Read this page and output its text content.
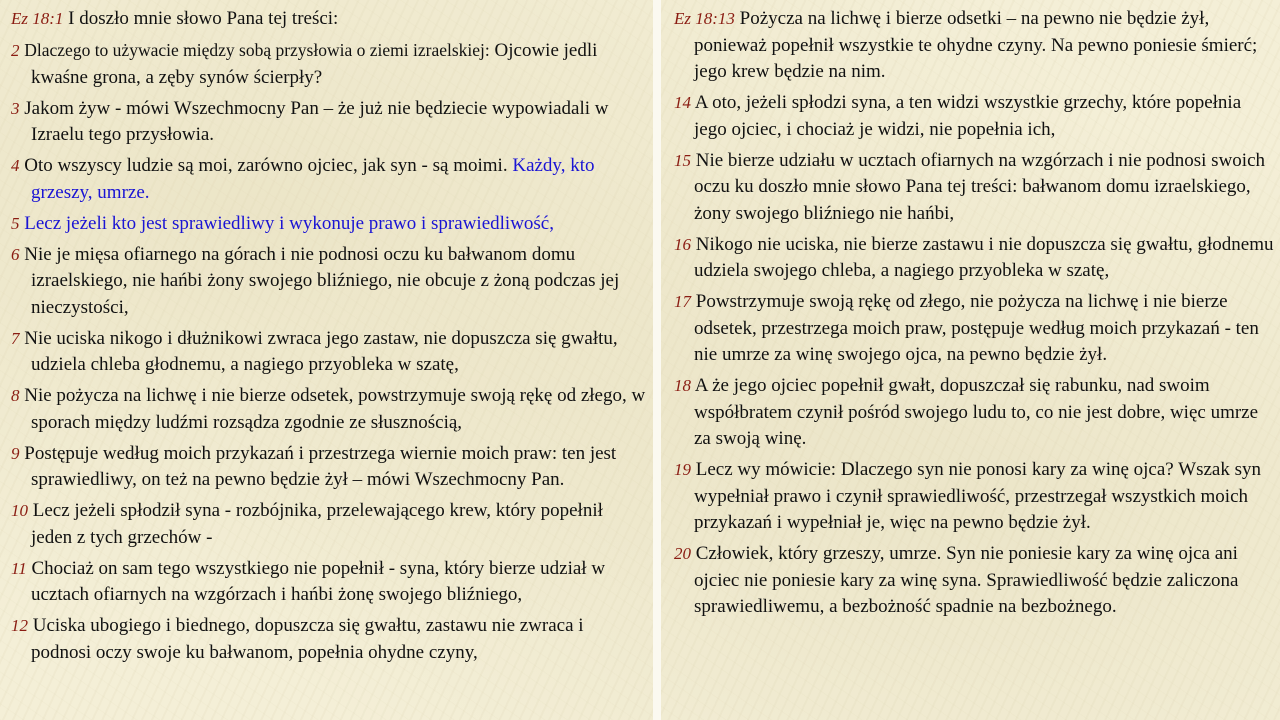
Ez 18:1 I doszło mnie słowo Pana tej treści:

2 Dlaczego to używacie między sobą przysłowia o ziemi izraelskiej: Ojcowie jedli kwaśne grona, a zęby synów ścierpły?

3 Jakom żyw - mówi Wszechmocny Pan – że już nie będziecie wypowiadali w Izraelu tego przysłowia.

4 Oto wszyscy ludzie są moi, zarówno ojciec, jak syn - są moimi. Każdy, kto grzeszy, umrze.

5 Lecz jeżeli kto jest sprawiedliwy i wykonuje prawo i sprawiedliwość,

6 Nie je mięsa ofiarnego na górach i nie podnosi oczu ku bałwanom domu izraelskiego, nie hańbi żony swojego bliźniego, nie obcuje z żoną podczas jej nieczystości,

7 Nie uciska nikogo i dłużnikowi zwraca jego zastaw, nie dopuszcza się gwałtu, udziela chleba głodnemu, a nagiego przyobleka w szatę,

8 Nie pożycza na lichwę i nie bierze odsetek, powstrzymuje swoją rękę od złego, w sporach między ludźmi rozsądza zgodnie ze słusznością,

9 Postępuje według moich przykazań i przestrzega wiernie moich praw: ten jest sprawiedliwy, on też na pewno będzie żył – mówi Wszechmocny Pan.

10 Lecz jeżeli spłodził syna - rozbójnika, przelewającego krew, który popełnił jeden z tych grzechów -

11 Chociaż on sam tego wszystkiego nie popełnił - syna, który bierze udział w ucztach ofiarnych na wzgórzach i hańbi żonę swojego bliźniego,

12 Uciska ubogiego i biednego, dopuszcza się gwałtu, zastawu nie zwraca i podnosi oczy swoje ku bałwanom, popełnia ohydne czyny,

Ez 18:13 Pożycza na lichwę i bierze odsetki – na pewno nie będzie żył, ponieważ popełnił wszystkie te ohydne czyny. Na pewno poniesie śmierć; jego krew będzie na nim.

14 A oto, jeżeli spłodzi syna, a ten widzi wszystkie grzechy, które popełnia jego ojciec, i chociaż je widzi, nie popełnia ich,

15 Nie bierze udziału w ucztach ofiarnych na wzgórzach i nie podnosi swoich oczu ku doszło mnie słowo Pana tej treści: bałwanom domu izraelskiego, żony swojego bliźniego nie hańbi,

16 Nikogo nie uciska, nie bierze zastawu i nie dopuszcza się gwałtu, głodnemu udziela swojego chleba, a nagiego przyobleka w szatę,

17 Powstrzymuje swoją rękę od złego, nie pożycza na lichwę i nie bierze odsetek, przestrzega moich praw, postępuje według moich przykazań - ten nie umrze za winę swojego ojca, na pewno będzie żył.

18 A że jego ojciec popełnił gwałt, dopuszczał się rabunku, nad swoim współbratem czynił pośród swojego ludu to, co nie jest dobre, więc umrze za swoją winę.

19 Lecz wy mówicie: Dlaczego syn nie ponosi kary za winę ojca? Wszak syn wypełniał prawo i czynił sprawiedliwość, przestrzegał wszystkich moich przykazań i wypełniał je, więc na pewno będzie żył.

20 Człowiek, który grzeszy, umrze. Syn nie poniesie kary za winę ojca ani ojciec nie poniesie kary za winę syna. Sprawiedliwość będzie zaliczona sprawiedliwemu, a bezbożność spadnie na bezbożnego.
